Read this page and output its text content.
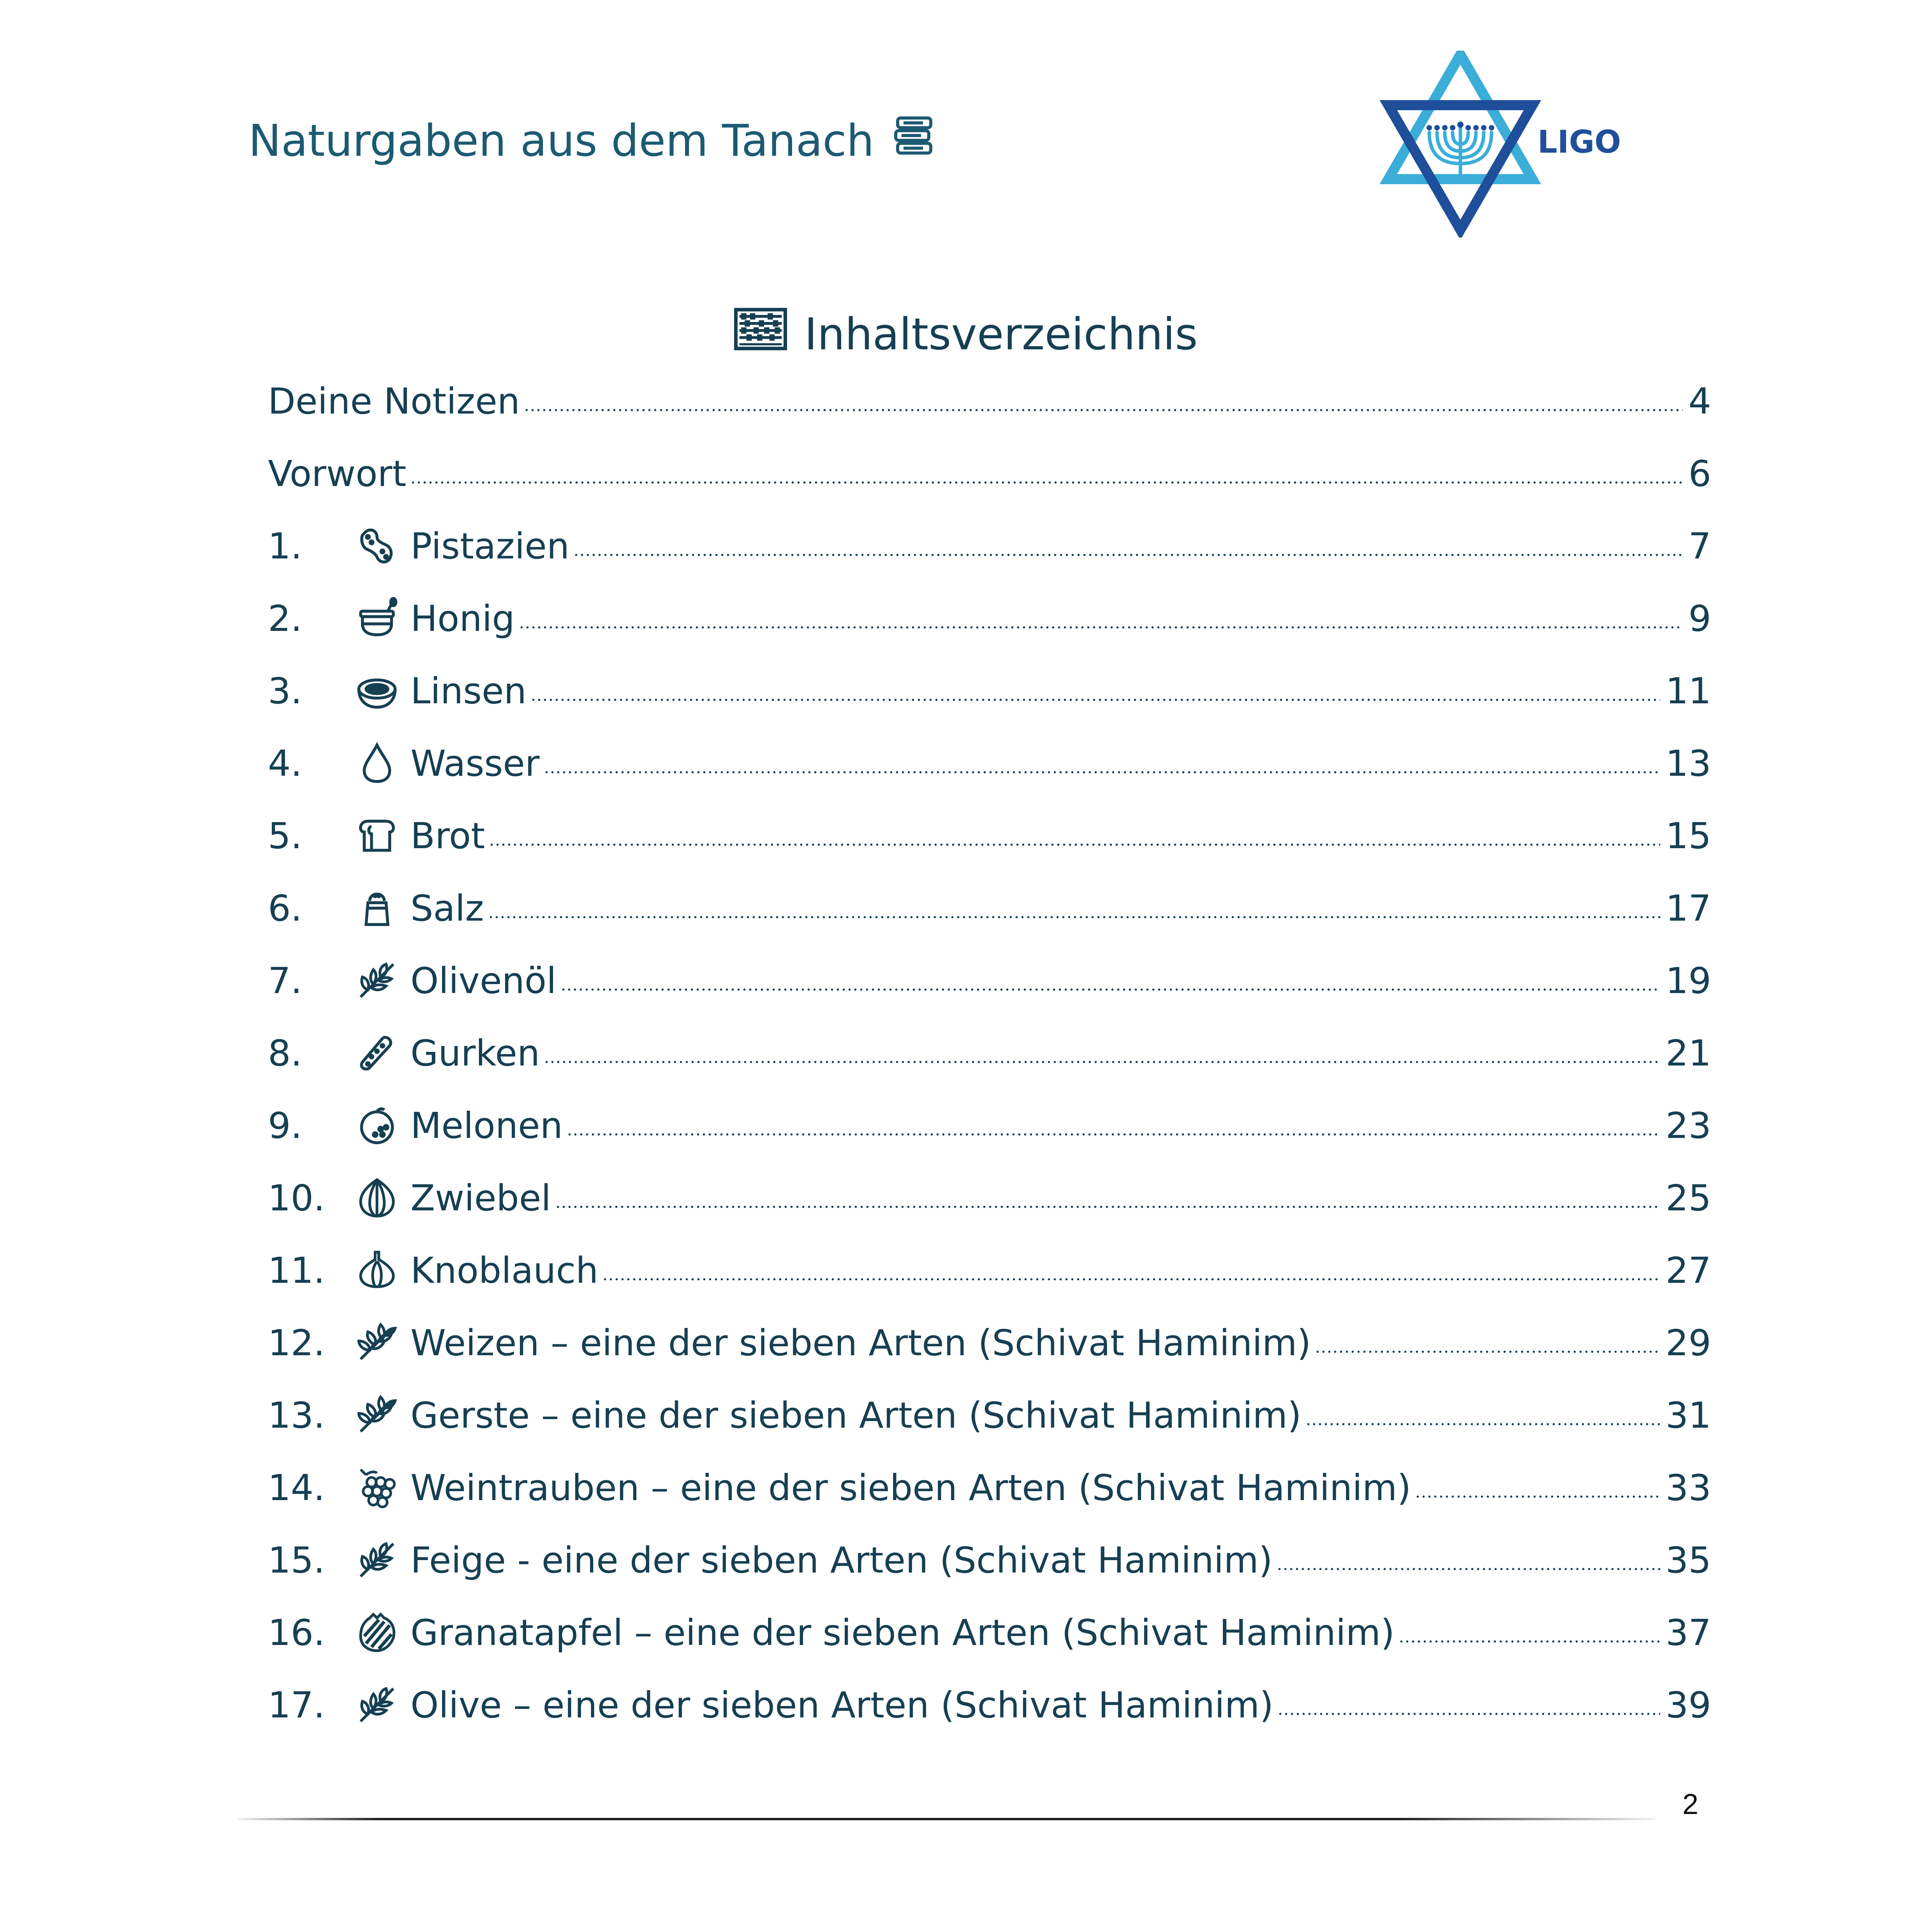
Naturgaben aus dem Tanach	LIGO
Inhaltsverzeichnis
Deine Notizen	4
Vorwort	6
1.	Pistazien	7
2.	Honig	9
3.	Linsen	11
4.	Wasser	13
5.	Brot	15
6.	Salz	17
7.	Olivenöl	19
8.	Gurken	21
9.	Melonen	23
10.	Zwiebel	25
11.	Knoblauch	27
12.	Weizen – eine der sieben Arten (Schivat Haminim)	29
13.	Gerste – eine der sieben Arten (Schivat Haminim)	31
14.	Weintrauben – eine der sieben Arten (Schivat Haminim)	33
15.	Feige - eine der sieben Arten (Schivat Haminim)	35
16.	Granatapfel – eine der sieben Arten (Schivat Haminim)	37
17.	Olive – eine der sieben Arten (Schivat Haminim)	39
2
